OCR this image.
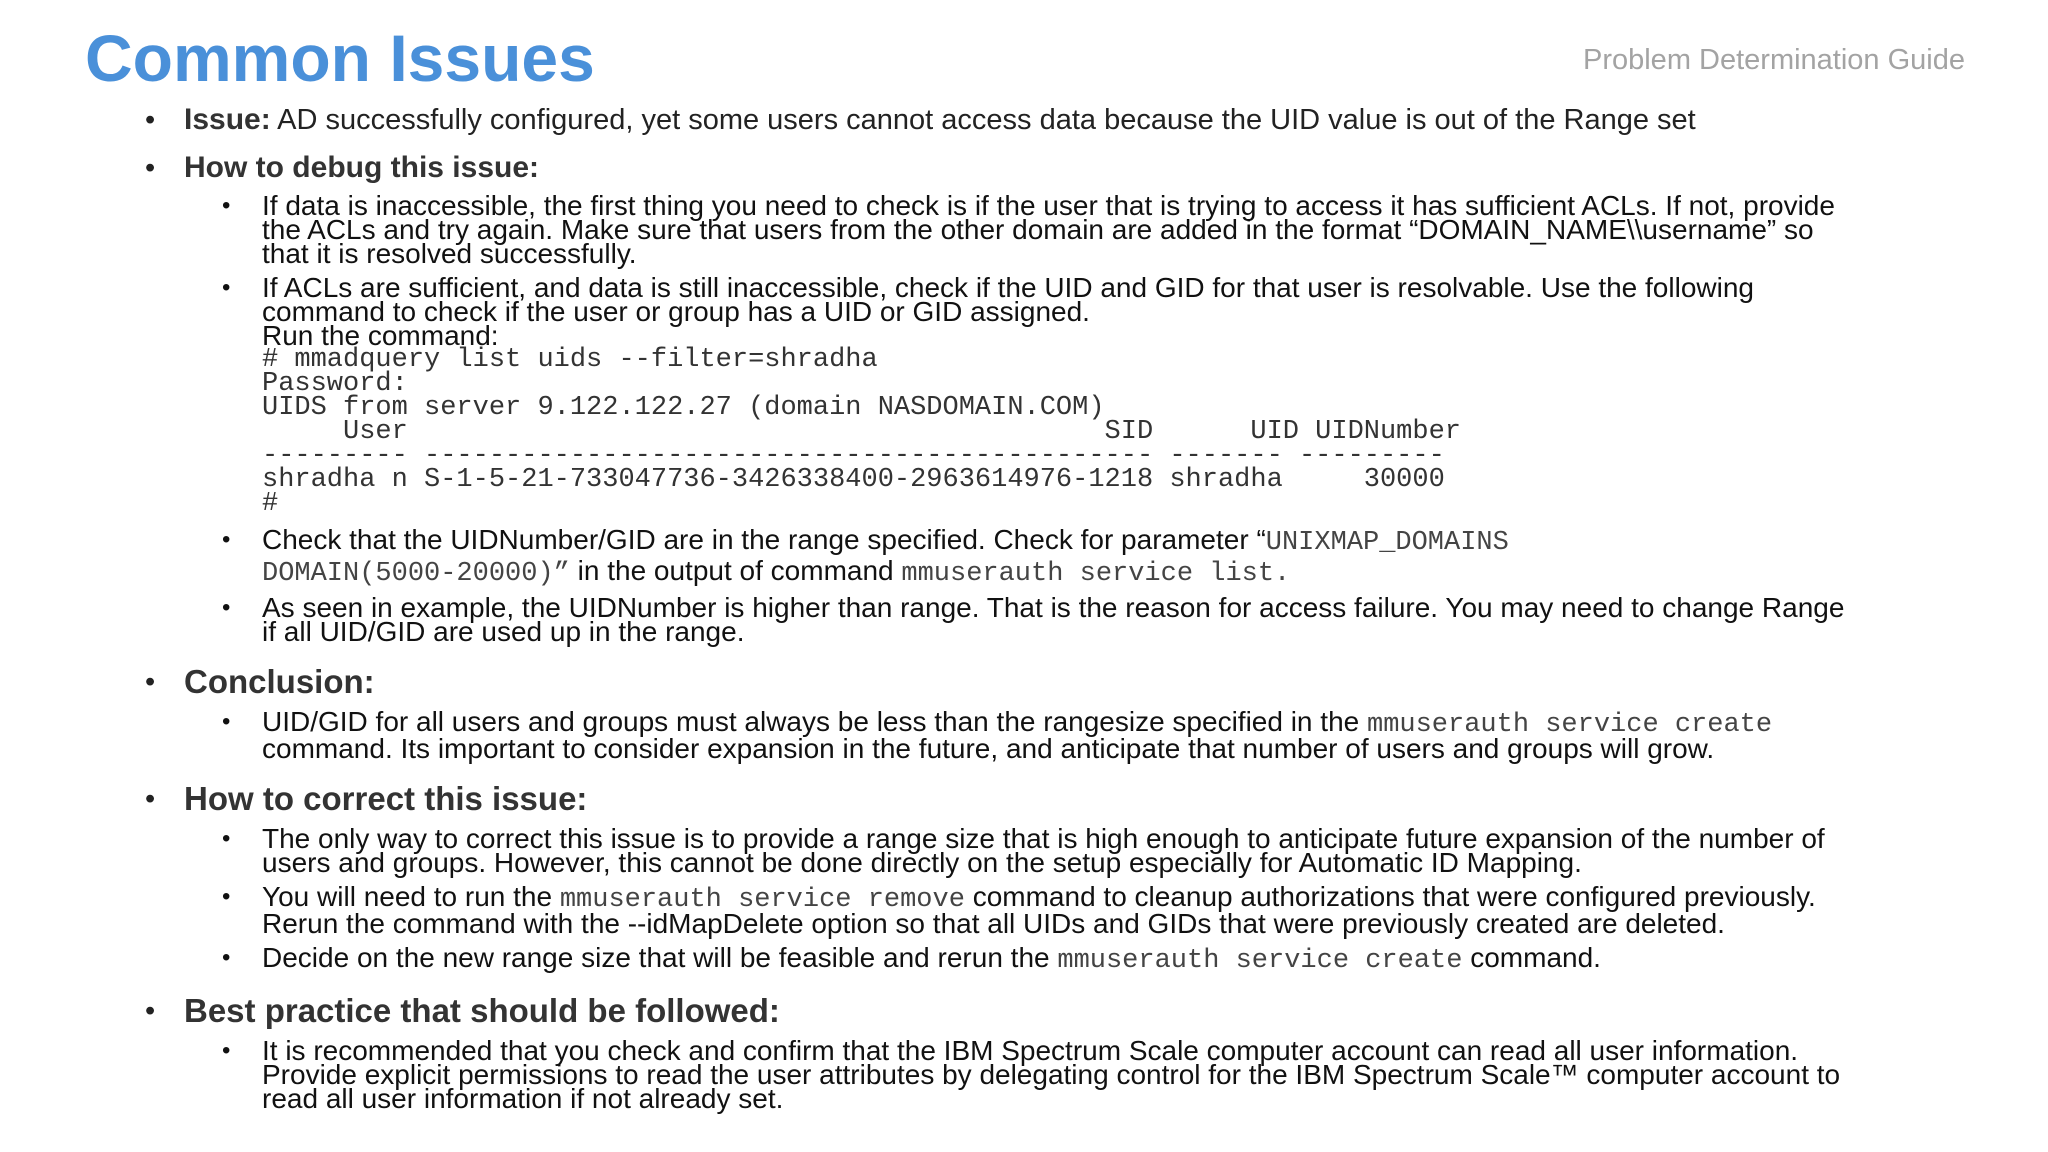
Common Issues	Problem Determination Guide
• Issue: AD successfully configured, yet some users cannot access data because the UID value is out of the Range set
• How to debug this issue:
• If data is inaccessible, the first thing you need to check is if the user that is trying to access it has sufficient ACLs. If not, provide
the ACLs and try again. Make sure that users from the other domain are added in the format “DOMAIN_NAME\\username” so
that it is resolved successfully.
• If ACLs are sufficient, and data is still inaccessible, check if the UID and GID for that user is resolvable. Use the following
command to check if the user or group has a UID or GID assigned.
Run the command:
# mmadquery list uids --filter=shradha
Password:
UIDS from server 9.122.122.27 (domain NASDOMAIN.COM)
User                                           SID      UID UIDNumber
--------- --------------------------------------------- ------- ---------
shradha n S-1-5-21-733047736-3426338400-2963614976-1218 shradha     30000
#
• Check that the UIDNumber/GID are in the range specified. Check for parameter “UNIXMAP_DOMAINS
DOMAIN(5000-20000)” in the output of command mmuserauth service list.
• As seen in example, the UIDNumber is higher than range. That is the reason for access failure. You may need to change Range
if all UID/GID are used up in the range.
• Conclusion:
• UID/GID for all users and groups must always be less than the rangesize specified in the mmuserauth service create
command. Its important to consider expansion in the future, and anticipate that number of users and groups will grow.
• How to correct this issue:
• The only way to correct this issue is to provide a range size that is high enough to anticipate future expansion of the number of
users and groups. However, this cannot be done directly on the setup especially for Automatic ID Mapping.
• You will need to run the mmuserauth service remove command to cleanup authorizations that were configured previously.
Rerun the command with the --idMapDelete option so that all UIDs and GIDs that were previously created are deleted.
• Decide on the new range size that will be feasible and rerun the mmuserauth service create command.
• Best practice that should be followed:
• It is recommended that you check and confirm that the IBM Spectrum Scale computer account can read all user information.
Provide explicit permissions to read the user attributes by delegating control for the IBM Spectrum Scale™ computer account to
read all user information if not already set.
